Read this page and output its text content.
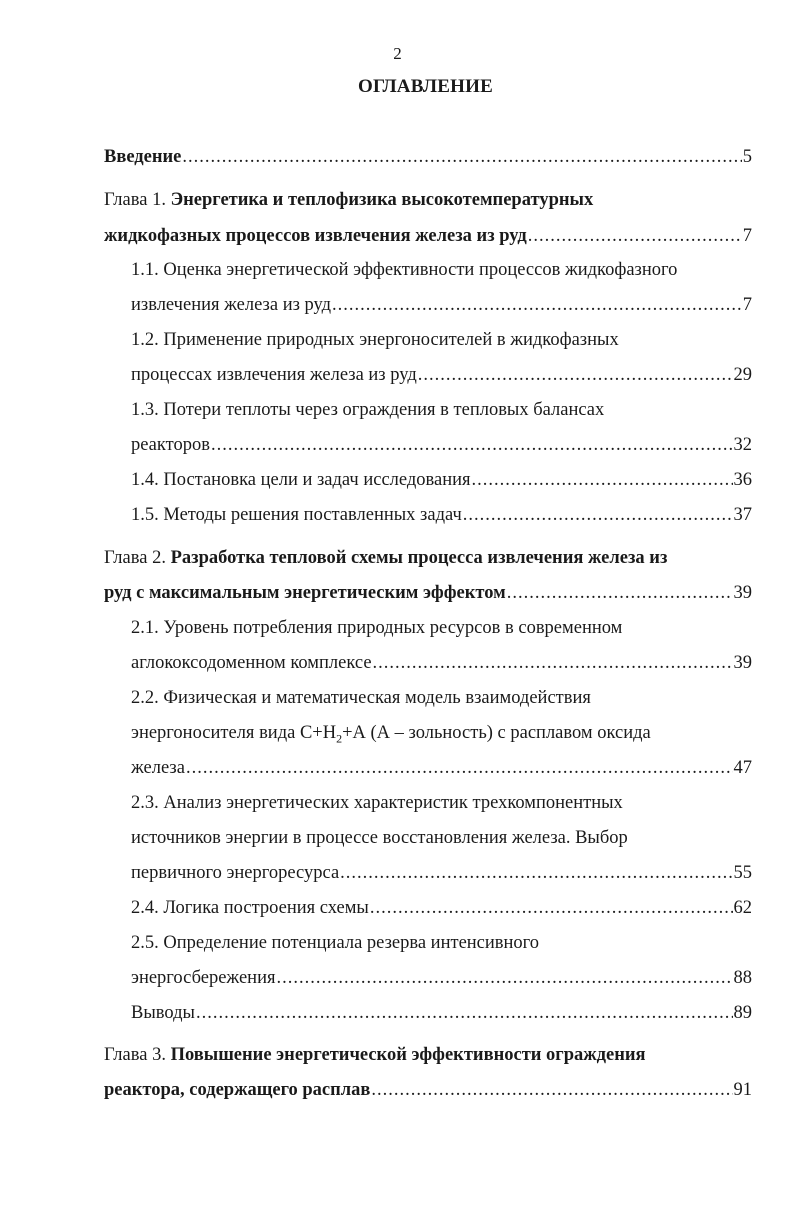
2
ОГЛАВЛЕНИЕ
Введение .....	5
Глава 1. Энергетика и теплофизика высокотемпературных
жидкофазных процессов извлечения железа из руд .....	7
1.1. Оценка энергетической эффективности процессов жидкофазного
извлечения железа из руд .....	7
1.2. Применение природных энергоносителей в жидкофазных
процессах извлечения железа из руд .....	29
1.3. Потери теплоты через ограждения в тепловых балансах
реакторов .....	32
1.4. Постановка цели и задач исследования .....	36
1.5. Методы решения поставленных задач .....	37
Глава 2. Разработка тепловой схемы процесса извлечения железа из
руд с максимальным энергетическим эффектом .....	39
2.1. Уровень потребления природных ресурсов в современном
аглококсодоменном комплексе .....	39
2.2. Физическая и математическая модель взаимодействия
энергоносителя вида $С+Н_2+А$ (А – зольность) с расплавом оксида
железа .....	47
2.3. Анализ энергетических характеристик трехкомпонентных
источников энергии в процессе восстановления железа. Выбор
первичного энергоресурса .....	55
2.4. Логика построения схемы .....	62
2.5. Определение потенциала резерва интенсивного
энергосбережения .....	88
Выводы .....	89
Глава 3. Повышение энергетической эффективности ограждения
реактора, содержащего расплав .....	91
